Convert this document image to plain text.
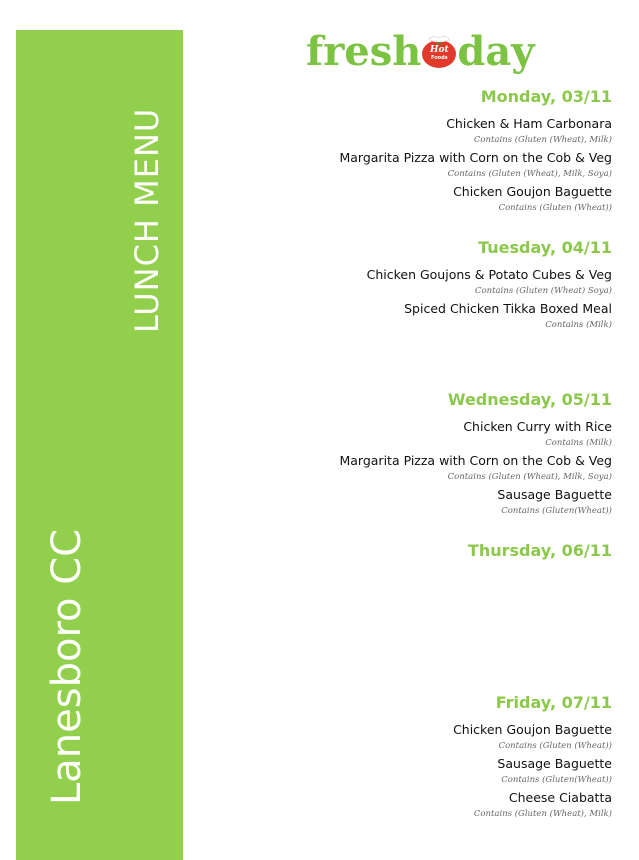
LUNCH MENU
Lanesboro CC
fresh Hot
Foods day
Monday, 03/11
Chicken & Ham Carbonara
Contains (Gluten (Wheat), Milk)
Margarita Pizza with Corn on the Cob & Veg
Contains (Gluten (Wheat), Milk, Soya)
Chicken Goujon Baguette
Contains (Gluten (Wheat))
Tuesday, 04/11
Chicken Goujons & Potato Cubes & Veg
Contains (Gluten (Wheat) Soya)
Spiced Chicken Tikka Boxed Meal
Contains (Milk)
Wednesday, 05/11
Chicken Curry with Rice
Contains (Milk)
Margarita Pizza with Corn on the Cob & Veg
Contains (Gluten (Wheat), Milk, Soya)
Sausage Baguette
Contains (Gluten(Wheat))
Thursday, 06/11
Friday, 07/11
Chicken Goujon Baguette
Contains (Gluten (Wheat))
Sausage Baguette
Contains (Gluten(Wheat))
Cheese Ciabatta
Contains (Gluten (Wheat), Milk)
